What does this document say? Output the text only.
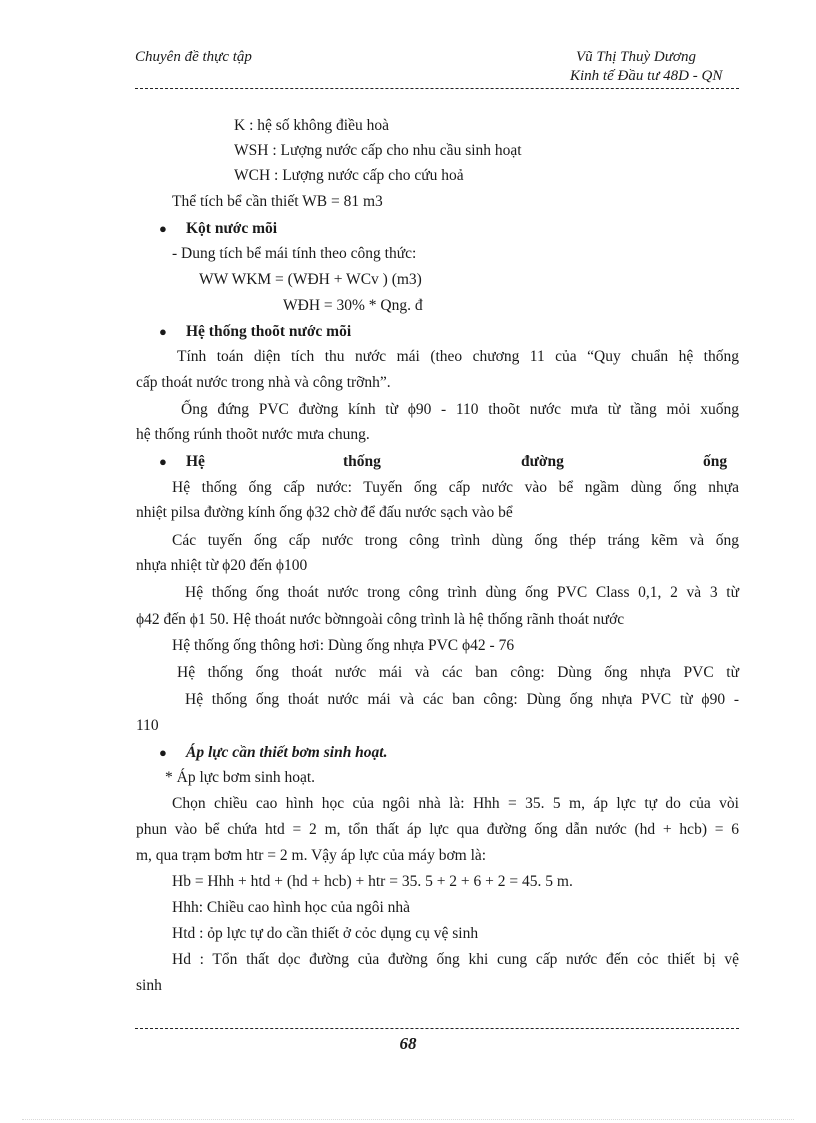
Chuyên đề thực tập	Vũ Thị Thuỳ Dương
Kinh tế Đầu tư 48D - QN
K : hệ số không điều hoà
WSH : Lượng nước cấp cho nhu cầu sinh hoạt
WCH : Lượng nước cấp cho cứu hoả
Thể tích bể cần thiết WB = 81 m3
● Kột nước mõi
- Dung tích bể mái tính theo công thức:
WW WKM = (WĐH + WCv ) (m3)
WĐH = 30% * Qng. đ
● Hệ thống thoõt nước mõi
Tính toán diện tích thu nước mái (theo chương 11 của “Quy chuẩn hệ thống
cấp thoát nước trong nhà và công trỡnh”.
Ống đứng PVC đường kính từ ϕ90 - 110 thoõt nước mưa từ tầng mỏi xuống
hệ thống rúnh thoõt nước mưa chung.
● Hệ	thống	đường	ống
Hệ thống ống cấp nước: Tuyến ống cấp nước vào bể ngầm dùng ống nhựa
nhiệt pilsa đường kính ống ϕ32 chờ để đấu nước sạch vào bể
Các tuyến ống cấp nước trong công trình dùng ống thép tráng kẽm và ống
nhựa nhiệt từ ϕ20 đến ϕ100
Hệ thống ống thoát nước trong công trình dùng ống PVC Class 0,1, 2 và 3 từ
ϕ42 đến ϕ1 50. Hệ thoát nước bờnngoài công trình là hệ thống rãnh thoát nước
Hệ thống ống thông hơi: Dùng ống nhựa PVC ϕ42 - 76
Hệ thống ống thoát nước mái và các ban công: Dùng ống nhựa PVC từ
Hệ thống ống thoát nước mái và các ban công: Dùng ống nhựa PVC từ ϕ90 -
110
● Áp lực cần thiết bơm sinh hoạt.
* Áp lực bơm sinh hoạt.
Chọn chiều cao hình học của ngôi nhà là: Hhh = 35. 5 m, áp lực tự do của vòi
phun vào bể chứa htd = 2 m, tổn thất áp lực qua đường ống dẫn nước (hd + hcb) = 6
m, qua trạm bơm htr = 2 m. Vậy áp lực của máy bơm là:
Hb = Hhh + htd + (hd + hcb) + htr = 35. 5 + 2 + 6 + 2 = 45. 5 m.
Hhh: Chiều cao hình học của ngôi nhà
Htd : ỏp lực tự do cần thiết ở cỏc dụng cụ vệ sinh
Hd : Tổn thất dọc đường của đường ống khi cung cấp nước đến cỏc thiết bị vệ
sinh
68
